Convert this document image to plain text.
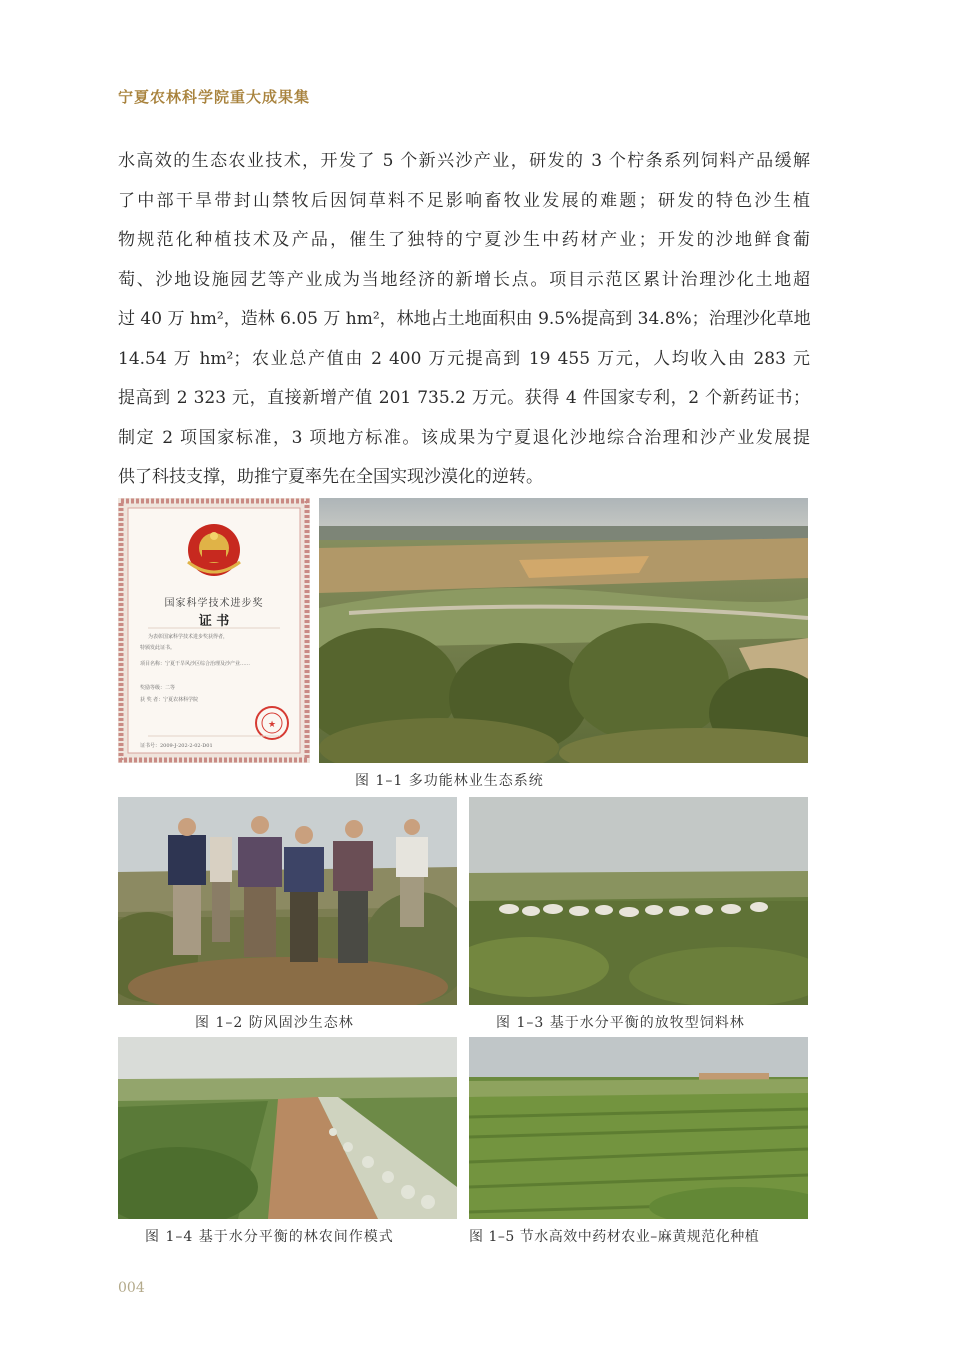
宁夏农林科学院重大成果集
水高效的生态农业技术，开发了 5 个新兴沙产业，研发的 3 个柠条系列饲料产品缓解
了中部干旱带封山禁牧后因饲草料不足影响畜牧业发展的难题；研发的特色沙生植
物规范化种植技术及产品，催生了独特的宁夏沙生中药材产业；开发的沙地鲜食葡
萄、沙地设施园艺等产业成为当地经济的新增长点。项目示范区累计治理沙化土地超
过 40 万 hm²，造林 6.05 万 hm²，林地占土地面积由 9.5%提高到 34.8%；治理沙化草地
14.54 万 hm²；农业总产值由 2 400 万元提高到 19 455 万元，人均收入由 283 元
提高到 2 323 元，直接新增产值 201 735.2 万元。获得 4 件国家专利，2 个新药证书；
制定 2 项国家标准，3 项地方标准。该成果为宁夏退化沙地综合治理和沙产业发展提
供了科技支撑，助推宁夏率先在全国实现沙漠化的逆转。
★
国家科学技术进步奖
证 书
为表彰国家科学技术进步奖获得者，
特颁发此证书。
项目名称：宁夏干旱风沙区综合治理及沙产业……
奖励等级：二等
获 奖 者：宁夏农林科学院
证书号：2009-J-202-2-02-D01
图 1–1 多功能林业生态系统
图 1–2 防风固沙生态林	图 1–3 基于水分平衡的放牧型饲料林
图 1–4 基于水分平衡的林农间作模式	图 1–5 节水高效中药材农业–麻黄规范化种植
004
